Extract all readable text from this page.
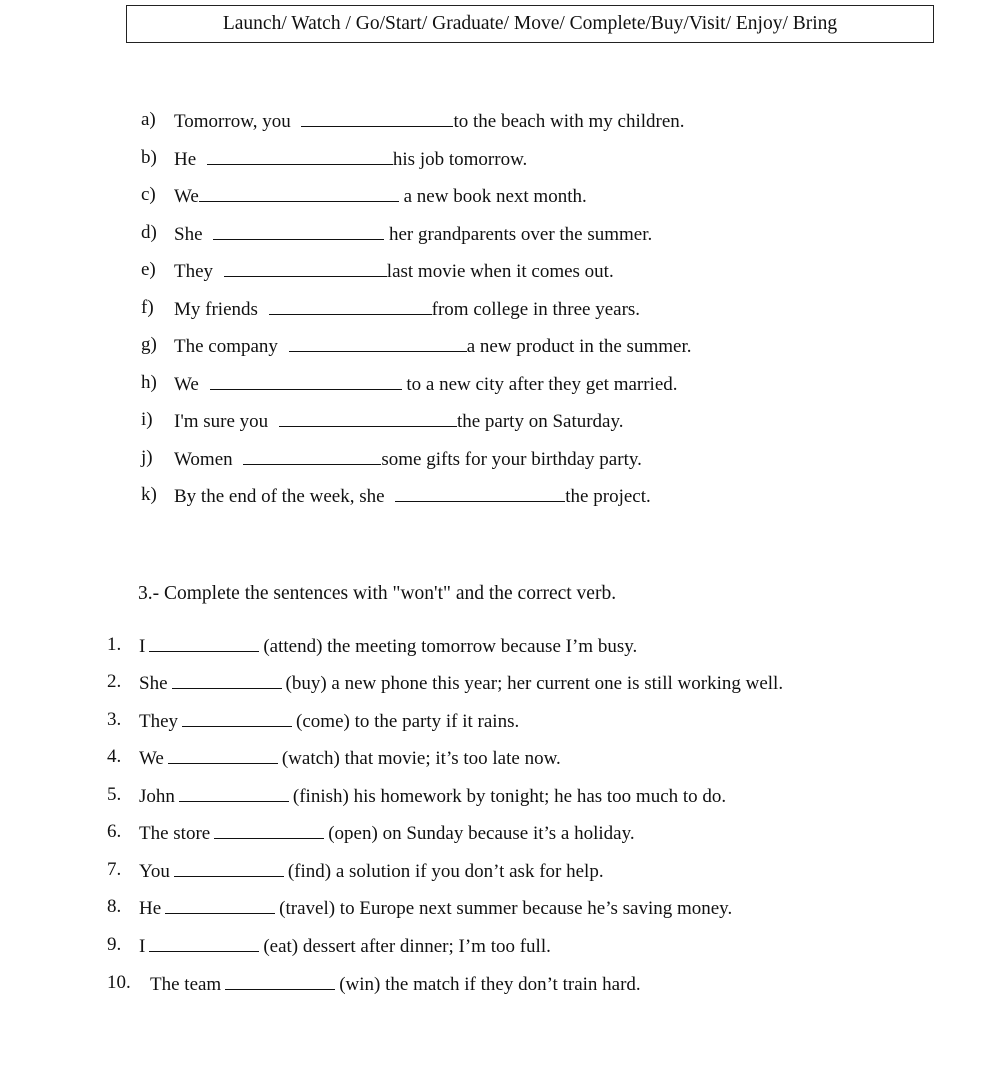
Launch/ Watch / Go/Start/ Graduate/ Move/ Complete/Buy/Visit/ Enjoy/ Bring
a) Tomorrow, you	to the beach with my children.
b) He	his job tomorrow.
c) We	a new book next month.
d) She	her grandparents over the summer.
e) They	last movie when it comes out.
f) My friends	from college in three years.
g) The company	a new product in the summer.
h) We	to a new city after they get married.
i) I'm sure you	the party on Saturday.
j) Women	some gifts for your birthday party.
k) By the end of the week, she	the project.
3.- Complete the sentences with "won't" and the correct verb.
1. I	(attend) the meeting tomorrow because I’m busy.
2. She	(buy) a new phone this year; her current one is still working well.
3. They	(come) to the party if it rains.
4. We	(watch) that movie; it’s too late now.
5. John	(finish) his homework by tonight; he has too much to do.
6. The store	(open) on Sunday because it’s a holiday.
7. You	(find) a solution if you don’t ask for help.
8. He	(travel) to Europe next summer because he’s saving money.
9. I	(eat) dessert after dinner; I’m too full.
10. The team	(win) the match if they don’t train hard.
